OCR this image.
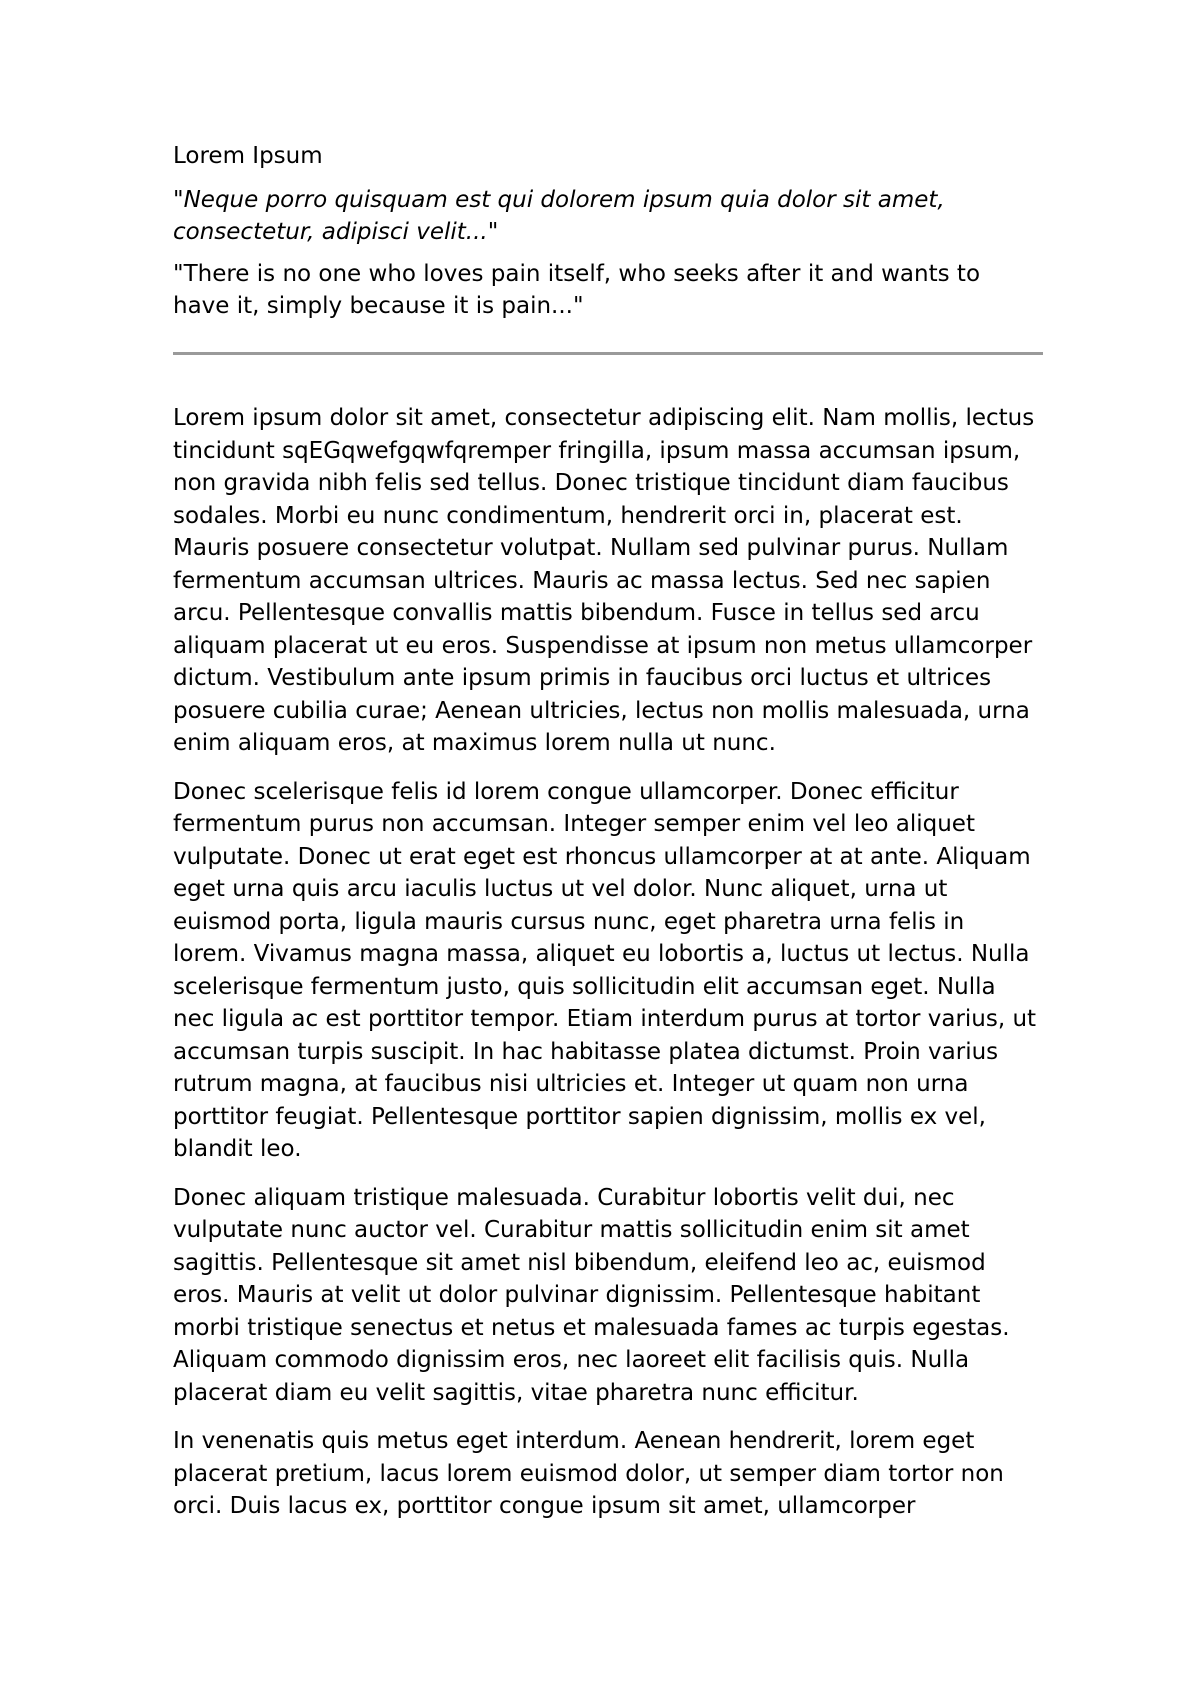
Lorem Ipsum
"Neque porro quisquam est qui dolorem ipsum quia dolor sit amet, consectetur, adipisci velit..."
"There is no one who loves pain itself, who seeks after it and wants to have it, simply because it is pain..."

Lorem ipsum dolor sit amet, consectetur adipiscing elit. Nam mollis, lectus tincidunt sqEGqwefgqwfqremper fringilla, ipsum massa accumsan ipsum, non gravida nibh felis sed tellus. Donec tristique tincidunt diam faucibus sodales. Morbi eu nunc condimentum, hendrerit orci in, placerat est. Mauris posuere consectetur volutpat. Nullam sed pulvinar purus. Nullam fermentum accumsan ultrices. Mauris ac massa lectus. Sed nec sapien arcu. Pellentesque convallis mattis bibendum. Fusce in tellus sed arcu aliquam placerat ut eu eros. Suspendisse at ipsum non metus ullamcorper dictum. Vestibulum ante ipsum primis in faucibus orci luctus et ultrices posuere cubilia curae; Aenean ultricies, lectus non mollis malesuada, urna enim aliquam eros, at maximus lorem nulla ut nunc.

Donec scelerisque felis id lorem congue ullamcorper. Donec efficitur fermentum purus non accumsan. Integer semper enim vel leo aliquet vulputate. Donec ut erat eget est rhoncus ullamcorper at at ante. Aliquam eget urna quis arcu iaculis luctus ut vel dolor. Nunc aliquet, urna ut euismod porta, ligula mauris cursus nunc, eget pharetra urna felis in lorem. Vivamus magna massa, aliquet eu lobortis a, luctus ut lectus. Nulla scelerisque fermentum justo, quis sollicitudin elit accumsan eget. Nulla nec ligula ac est porttitor tempor. Etiam interdum purus at tortor varius, ut accumsan turpis suscipit. In hac habitasse platea dictumst. Proin varius rutrum magna, at faucibus nisi ultricies et. Integer ut quam non urna porttitor feugiat. Pellentesque porttitor sapien dignissim, mollis ex vel, blandit leo.

Donec aliquam tristique malesuada. Curabitur lobortis velit dui, nec vulputate nunc auctor vel. Curabitur mattis sollicitudin enim sit amet sagittis. Pellentesque sit amet nisl bibendum, eleifend leo ac, euismod eros. Mauris at velit ut dolor pulvinar dignissim. Pellentesque habitant morbi tristique senectus et netus et malesuada fames ac turpis egestas. Aliquam commodo dignissim eros, nec laoreet elit facilisis quis. Nulla placerat diam eu velit sagittis, vitae pharetra nunc efficitur.

In venenatis quis metus eget interdum. Aenean hendrerit, lorem eget placerat pretium, lacus lorem euismod dolor, ut semper diam tortor non orci. Duis lacus ex, porttitor congue ipsum sit amet, ullamcorper
